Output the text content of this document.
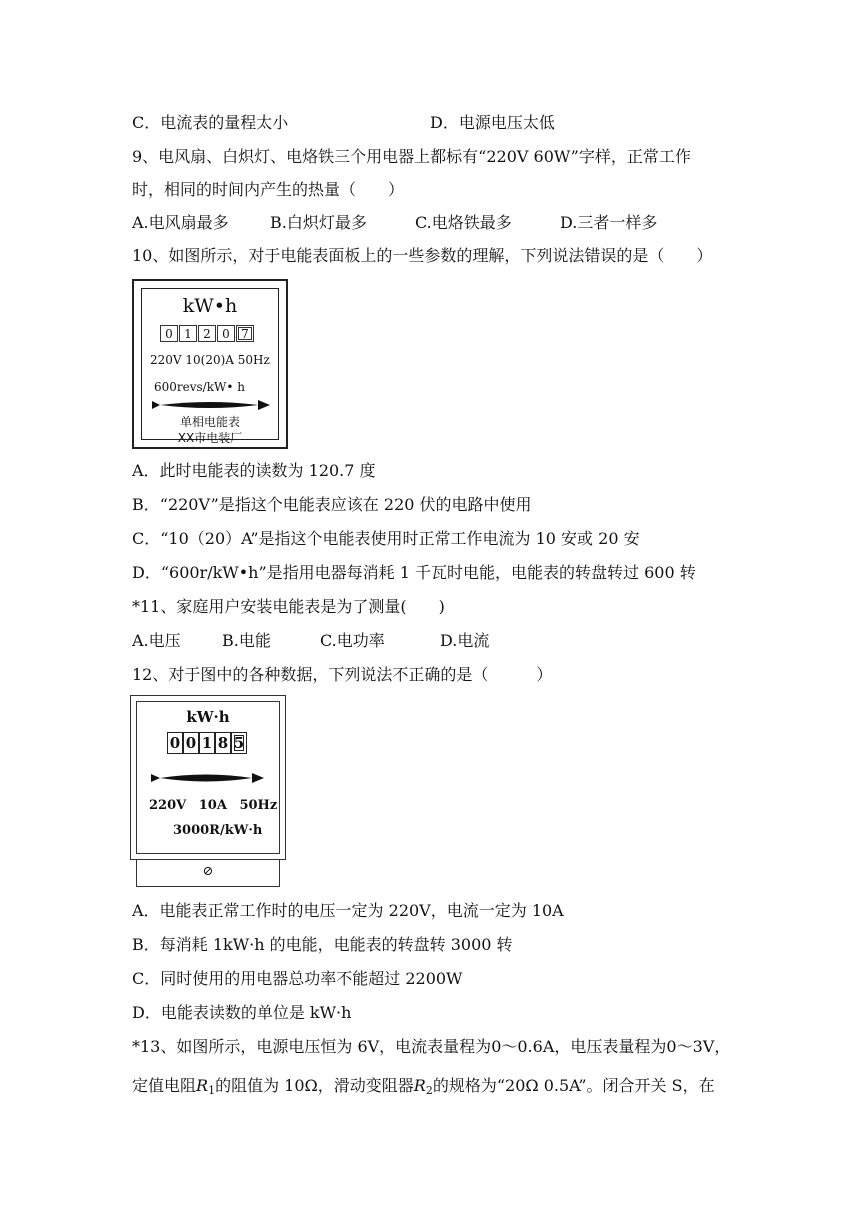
C．电流表的量程太小	D．电源电压太低
9、电风扇、白炽灯、电烙铁三个用电器上都标有“220V 60W”字样，正常工作
时，相同的时间内产生的热量（　　）
A.电风扇最多	B.白炽灯最多	C.电烙铁最多	D.三者一样多
10、如图所示，对于电能表面板上的一些参数的理解，下列说法错误的是（　　）
kW•h
0 1 2 0 7
220V 10(20)A 50Hz
600revs/kW• h
单相电能表
XX市电装厂
A．此时电能表的读数为 120.7 度
B．“220V”是指这个电能表应该在 220 伏的电路中使用
C．“10（20）A”是指这个电能表使用时正常工作电流为 10 安或 20 安
D．“600r/kW•h”是指用电器每消耗 1 千瓦时电能，电能表的转盘转过 600 转
*11、家庭用户安装电能表是为了测量(　　)
A.电压	B.电能	C.电功率	D.电流
12、对于图中的各种数据，下列说法不正确的是（　　　）
kW·h
0 0 1 8 5
220V 10A 50Hz
3000R/kW·h
⊘
A．电能表正常工作时的电压一定为 220V，电流一定为 10A
B．每消耗 1kW·h 的电能，电能表的转盘转 3000 转
C．同时使用的用电器总功率不能超过 2200W
D．电能表读数的单位是 kW·h
*13、如图所示，电源电压恒为 6V，电流表量程为0～0.6A，电压表量程为0～3V，
定值电阻$R_1$的阻值为 10Ω，滑动变阻器$R_2$的规格为“20Ω 0.5A”。闭合开关 S，在
